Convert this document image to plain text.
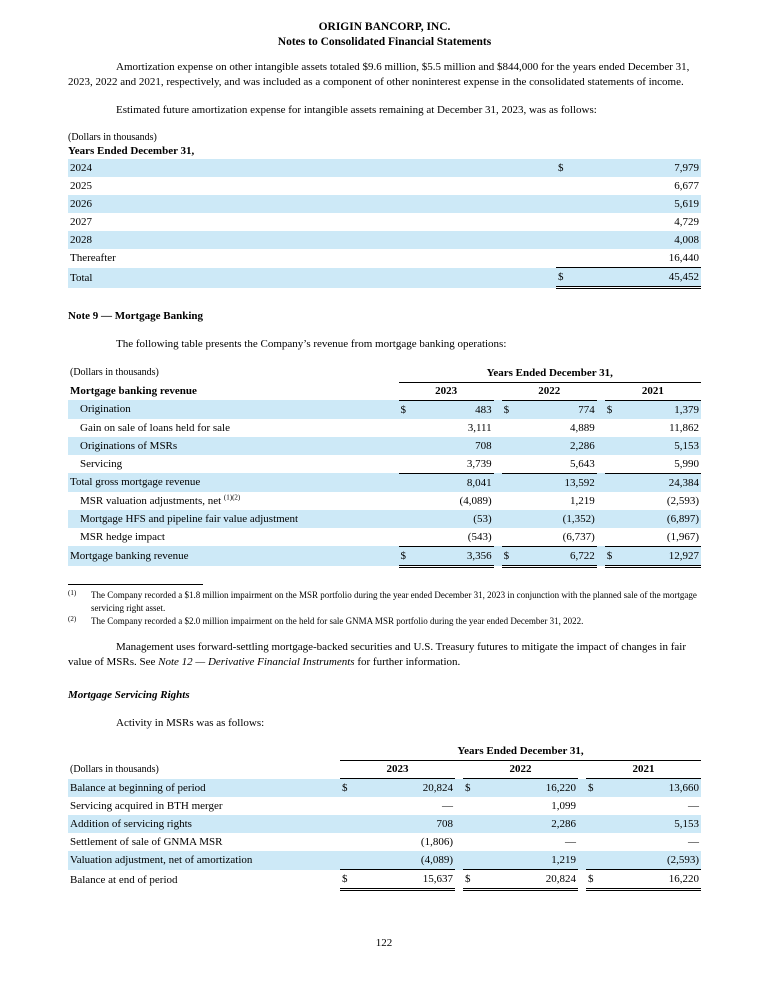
ORIGIN BANCORP, INC.
Notes to Consolidated Financial Statements

Amortization expense on other intangible assets totaled $9.6 million, $5.5 million and $844,000 for the years ended December 31, 2023, 2022 and 2021, respectively, and was included as a component of other noninterest expense in the consolidated statements of income.

Estimated future amortization expense for intangible assets remaining at December 31, 2023, was as follows:

(Dollars in thousands)
Years Ended December 31,
2024	$	7,979
2025		6,677
2026		5,619
2027		4,729
2028		4,008
Thereafter		16,440
Total	$	45,452
Note 9 — Mortgage Banking

The following table presents the Company’s revenue from mortgage banking operations:

(Dollars in thousands)	Years Ended December 31,							
Mortgage banking revenue	2023			2022			2021	
Origination	$	483		$	774		$	1,379
Gain on sale of loans held for sale		3,111			4,889			11,862
Originations of MSRs		708			2,286			5,153
Servicing		3,739			5,643			5,990
Total gross mortgage revenue		8,041			13,592			24,384
MSR valuation adjustments, net $^{(1)(2)}$		(4,089)			1,219			(2,593)
Mortgage HFS and pipeline fair value adjustment		(53)			(1,352)			(6,897)
MSR hedge impact		(543)			(6,737)			(1,967)
Mortgage banking revenue	$	3,356		$	6,722		$	12,927
(1) The Company recorded a $1.8 million impairment on the MSR portfolio during the year ended December 31, 2023 in conjunction with the planned sale of the mortgage servicing right asset.
(2) The Company recorded a $2.0 million impairment on the held for sale GNMA MSR portfolio during the year ended December 31, 2022.

Management uses forward-settling mortgage-backed securities and U.S. Treasury futures to mitigate the impact of changes in fair value of MSRs. See Note 12 — Derivative Financial Instruments for further information.

Mortgage Servicing Rights

Activity in MSRs was as follows:

	Years Ended December 31,							
(Dollars in thousands)	2023			2022			2021	
Balance at beginning of period	$	20,824		$	16,220		$	13,660
Servicing acquired in BTH merger		—			1,099			—
Addition of servicing rights		708			2,286			5,153
Settlement of sale of GNMA MSR		(1,806)			—			—
Valuation adjustment, net of amortization		(4,089)			1,219			(2,593)
Balance at end of period	$	15,637		$	20,824		$	16,220
122
